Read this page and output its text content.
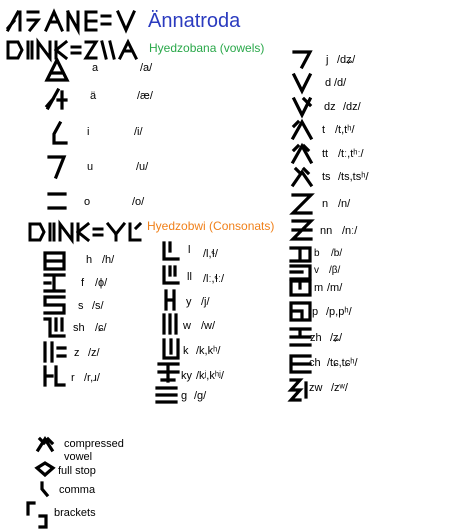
Ännatroda
Hyedzobana (vowels)
a	/a/
ä	/æ/
i	/i/
u	/u/
o	/o/
Hyedzobwi (Consonats)
h /h/
f /ɸ/
s /s/
sh /ɕ/
z /z/
r /r,ɹ/
l /l,ɬ/
ll /lː,ɬː/
y /j/
w /w/
k /k,kʰ/
ky /kʲ,kʰʲ/
g /g/
j /dʑ/
d /d/
dz /dz/
t /t,tʰ/
tt /tː,tʰː/
ts /ts,tsʰ/
n /n/
nn /nː/
b /b/
v /β/
m /m/
p /p,pʰ/
zh /ʑ/
ch /tɕ,tɕʰ/
zw /zʷ/
compressed vowel
full stop
comma
brackets
